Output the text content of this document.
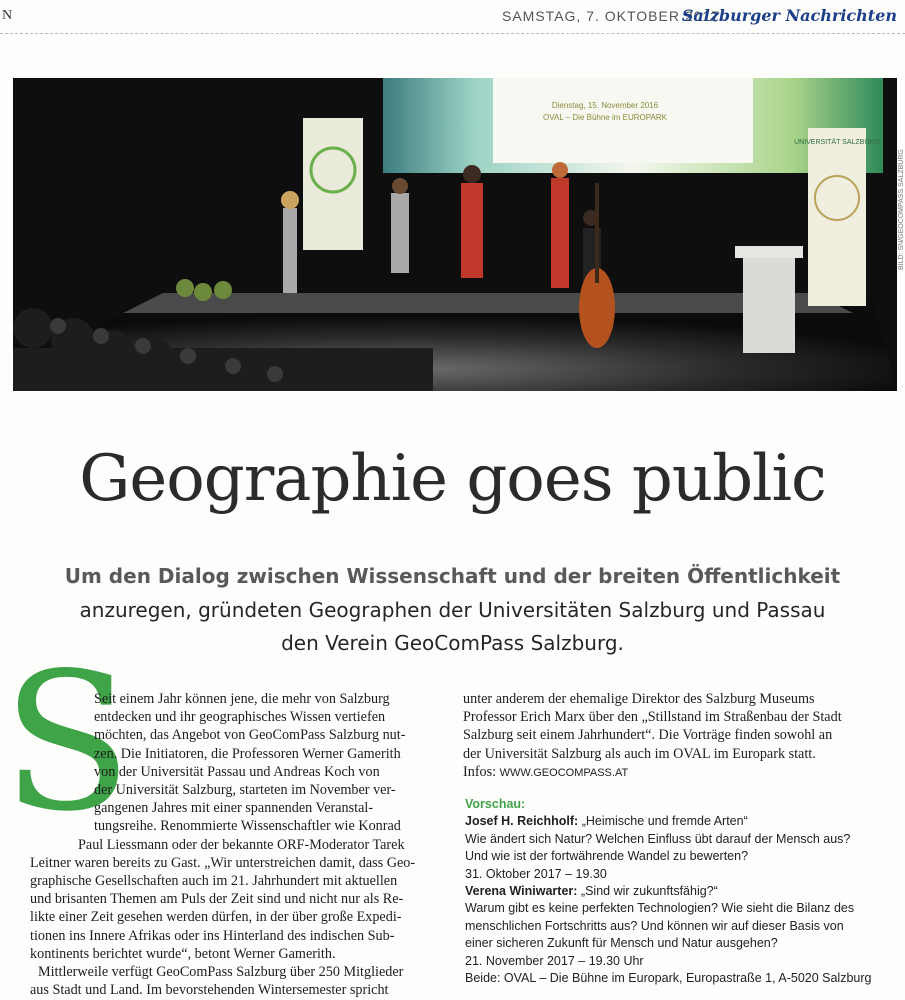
N	SAMSTAG, 7. OKTOBER 2017
Salzburger Nachrichten
Dienstag, 15. November 2016
OVAL – Die Bühne im EUROPARK
UNIVERSITÄT SALZBURG
BILD: SN/GEOCOMPASS SALZBURG
Geographie goes public
Um den Dialog zwischen Wissenschaft und der breiten Öffentlichkeit
anzuregen, gründeten Geographen der Universitäten Salzburg und Passau
den Verein GeoComPass Salzburg.
S
Seit einem Jahr können jene, die mehr von Salzburg
entdecken und ihr geographisches Wissen vertiefen
möchten, das Angebot von GeoComPass Salzburg nut-
zen. Die Initiatoren, die Professoren Werner Gamerith
von der Universität Passau und Andreas Koch von
der Universität Salzburg, starteten im November ver-
gangenen Jahres mit einer spannenden Veranstal-
tungsreihe. Renommierte Wissenschaftler wie Konrad
Paul Liessmann oder der bekannte ORF-Moderator Tarek
Leitner waren bereits zu Gast. „Wir unterstreichen damit, dass Geo-
graphische Gesellschaften auch im 21. Jahrhundert mit aktuellen
und brisanten Themen am Puls der Zeit sind und nicht nur als Re-
likte einer Zeit gesehen werden dürfen, in der über große Expedi-
tionen ins Innere Afrikas oder ins Hinterland des indischen Sub-
kontinents berichtet wurde“, betont Werner Gamerith.
Mittlerweile verfügt GeoComPass Salzburg über 250 Mitglieder
aus Stadt und Land. Im bevorstehenden Wintersemester spricht
unter anderem der ehemalige Direktor des Salzburg Museums
Professor Erich Marx über den „Stillstand im Straßenbau der Stadt
Salzburg seit einem Jahrhundert“. Die Vorträge finden sowohl an
der Universität Salzburg als auch im OVAL im Europark statt.
Infos: WWW.GEOCOMPASS.AT
Vorschau:
Josef H. Reichholf: „Heimische und fremde Arten“
Wie ändert sich Natur? Welchen Einfluss übt darauf der Mensch aus?
Und wie ist der fortwährende Wandel zu bewerten?
31. Oktober 2017 – 19.30
Verena Winiwarter: „Sind wir zukunftsfähig?“
Warum gibt es keine perfekten Technologien? Wie sieht die Bilanz des
menschlichen Fortschritts aus? Und können wir auf dieser Basis von
einer sicheren Zukunft für Mensch und Natur ausgehen?
21. November 2017 – 19.30 Uhr
Beide: OVAL – Die Bühne im Europark, Europastraße 1, A-5020 Salzburg
